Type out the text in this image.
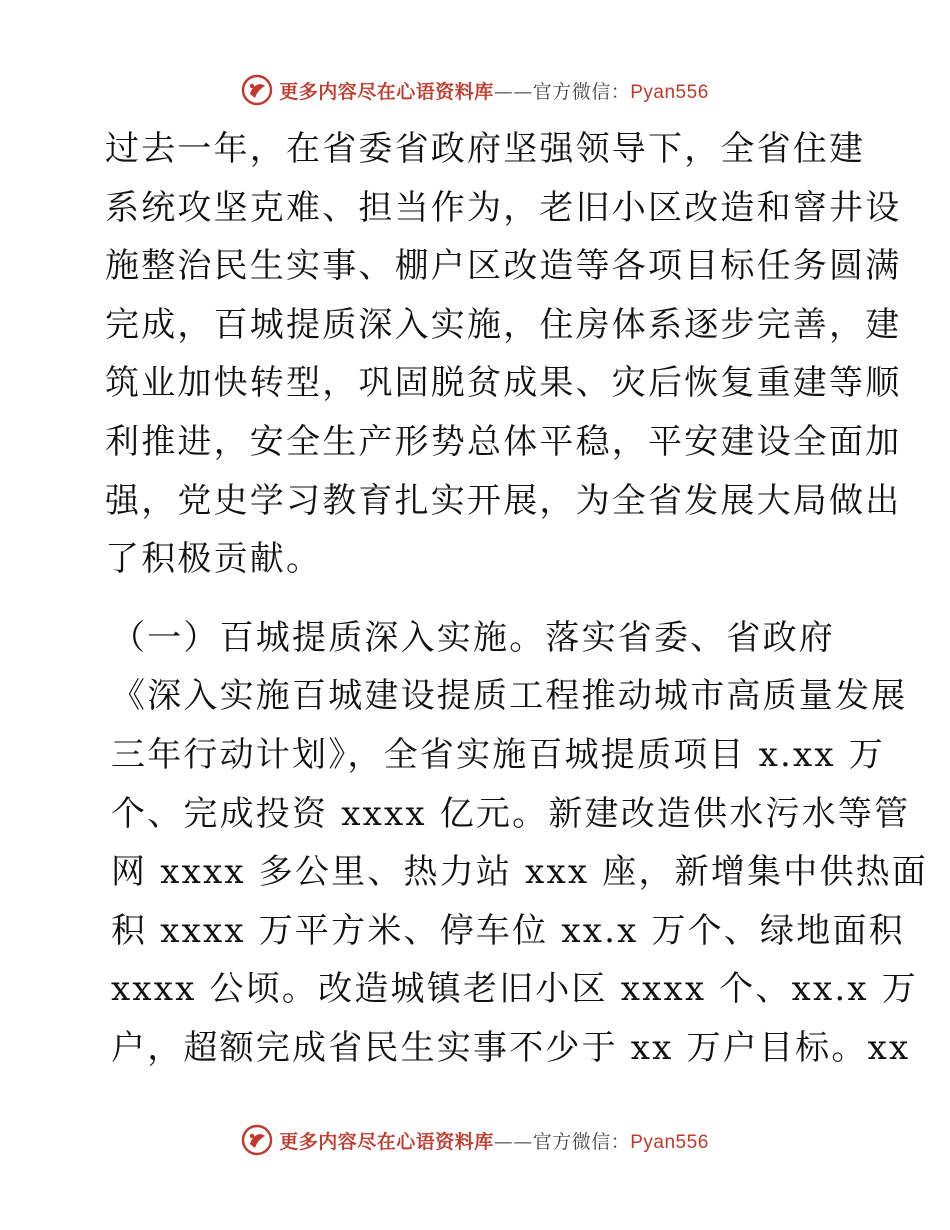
更多内容尽在心语资料库——官方微信：Pyan556

过去一年，在省委省政府坚强领导下，全省住建
系统攻坚克难、担当作为，老旧小区改造和窨井设
施整治民生实事、棚户区改造等各项目标任务圆满
完成，百城提质深入实施，住房体系逐步完善，建
筑业加快转型，巩固脱贫成果、灾后恢复重建等顺
利推进，安全生产形势总体平稳，平安建设全面加
强，党史学习教育扎实开展，为全省发展大局做出
了积极贡献。

（一）百城提质深入实施。落实省委、省政府
《深入实施百城建设提质工程推动城市高质量发展
三年行动计划》，全省实施百城提质项目 x.xx 万
个、完成投资 xxxx 亿元。新建改造供水污水等管
网 xxxx 多公里、热力站 xxx 座，新增集中供热面
积 xxxx 万平方米、停车位 xx.x 万个、绿地面积
xxxx 公顷。改造城镇老旧小区 xxxx 个、xx.x 万
户，超额完成省民生实事不少于 xx 万户目标。xx

更多内容尽在心语资料库——官方微信：Pyan556
